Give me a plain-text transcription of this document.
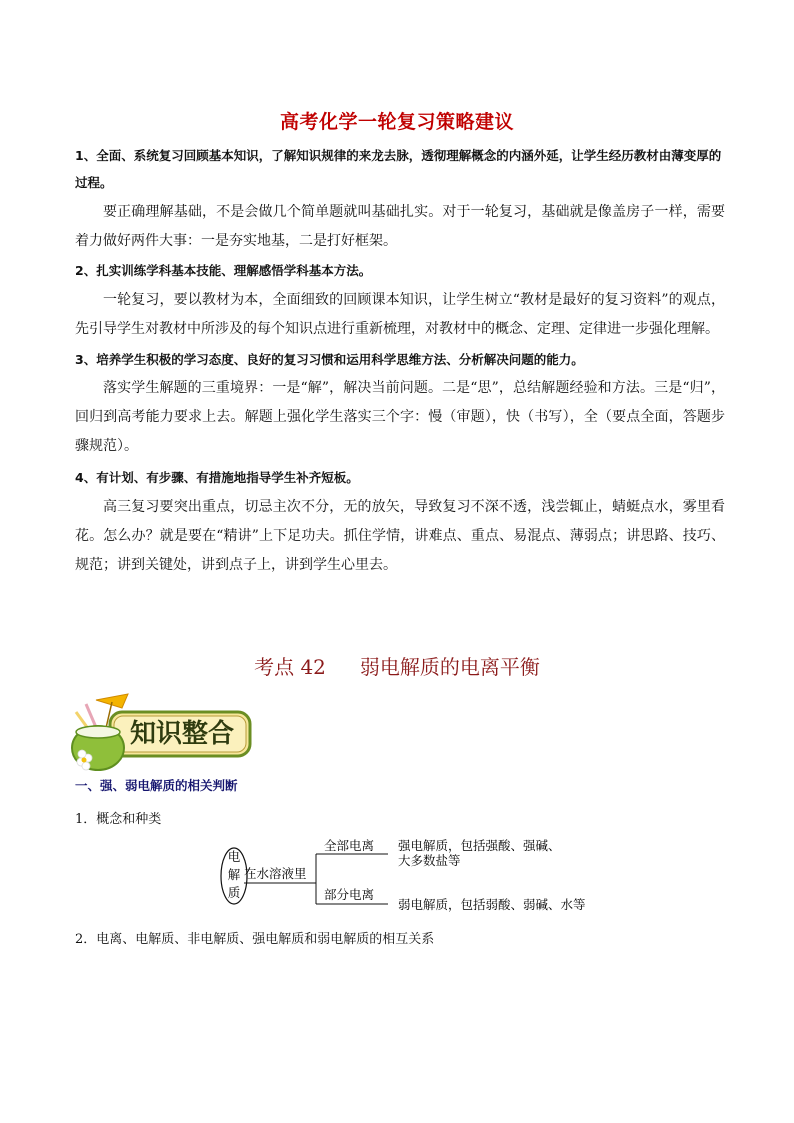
高考化学一轮复习策略建议
1、全面、系统复习回顾基本知识，了解知识规律的来龙去脉，透彻理解概念的内涵外延，让学生经历教材由薄变厚的过程。
要正确理解基础，不是会做几个简单题就叫基础扎实。对于一轮复习，基础就是像盖房子一样，需要着力做好两件大事：一是夯实地基，二是打好框架。
2、扎实训练学科基本技能、理解感悟学科基本方法。
一轮复习，要以教材为本，全面细致的回顾课本知识，让学生树立“教材是最好的复习资料”的观点，先引导学生对教材中所涉及的每个知识点进行重新梳理，对教材中的概念、定理、定律进一步强化理解。
3、培养学生积极的学习态度、良好的复习习惯和运用科学思维方法、分析解决问题的能力。
落实学生解题的三重境界：一是“解”，解决当前问题。二是“思”，总结解题经验和方法。三是“归”，回归到高考能力要求上去。解题上强化学生落实三个字：慢（审题），快（书写），全（要点全面，答题步骤规范）。
4、有计划、有步骤、有措施地指导学生补齐短板。
高三复习要突出重点，切忌主次不分，无的放矢，导致复习不深不透，浅尝辄止，蜻蜓点水，雾里看花。怎么办？就是要在“精讲”上下足功夫。抓住学情，讲难点、重点、易混点、薄弱点；讲思路、技巧、规范；讲到关键处，讲到点子上，讲到学生心里去。
考点 42 弱电解质的电离平衡
知识整合
一、强、弱电解质的相关判断
1．概念和种类
电
解
质
在水溶液里
全部电离
部分电离
强电解质，包括强酸、强碱、
大多数盐等
弱电解质，包括弱酸、弱碱、水等
2．电离、电解质、非电解质、强电解质和弱电解质的相互关系
